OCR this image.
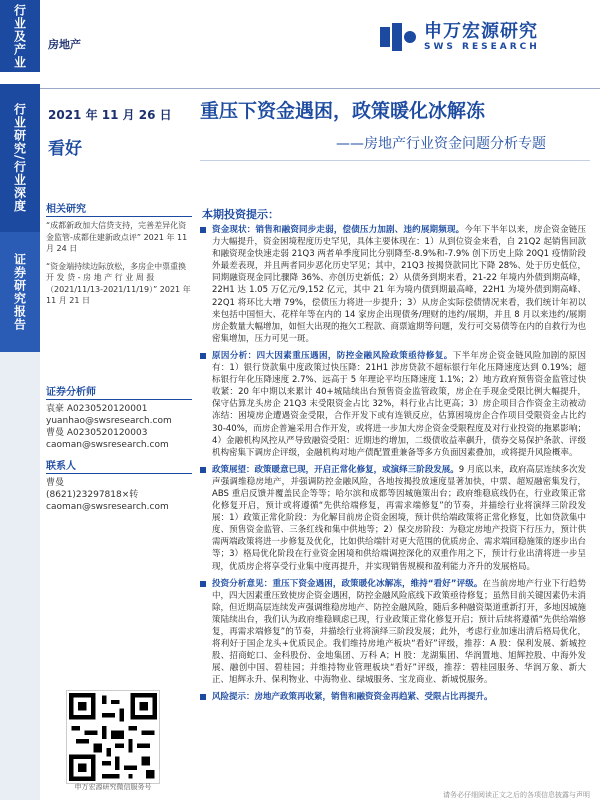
行业及产业
行业研究/行业深度
证券研究报告
房地产
申万宏源研究
SWS RESEARCH
2021 年 11 月 26 日
看好
重压下资金遇困，政策暖化冰解冻
——房地产行业资金问题分析专题
相关研究
“成都新政加大信贷支持，完善差异化资金监管-成都住建新政点评” 2021 年 11 月 24 日
“资金端持续边际放松，多房企中票重换 开 发 贷 - 房 地 产 行 业 周 报 （2021/11/13-2021/11/19）” 2021 年 11 月 21 日
证券分析师
袁豪 A0230520120001
yuanhao@swsresearch.com
曹曼 A0230520120003
caoman@swsresearch.com
联系人
曹曼
(8621)23297818×转
caoman@swsresearch.com
申万宏源研究微信服务号
本期投资提示：

资金现状：销售和融资同步走弱，偿债压力加剧、违约展期频现。今年下半年以来，房企资金链压力大幅提升，资金困境程度历史罕见，具体主要体现在：1）从到位资金来看，自 21Q2 起销售回款和融资现金快速走弱 21Q3 两者单季度同比分别降至-8.9%和-7.9% 创下历史上除 20Q1 疫情阶段外最差表现，并且两者同步恶化历史罕见；其中，21Q3 按揭贷款同比下降 28%、处于历史低位，同期融资现金同比骤降 36%、亦创历史新低；2）从债务到期来看，21-22 年境内外债到期高峰，22H1 达 1.05 万亿元/9,152 亿元，其中 21 年为境内债到期最高峰，22H1 为境外债到期高峰、22Q1 将环比大增 79%，偿债压力将进一步提升；3）从房企实际偿债情况来看，我们统计年初以来包括中国恒大、花样年等在内的 14 家房企出现债务/理财的违约/展期，并且 8 月以来违约/展期房企数量大幅增加，如恒大出现的拖欠工程款、商票逾期等问题，发行可交易债等在内的自救行为也密集增加，压力可见一斑。

原因分析：四大因素重压遇困，防控金融风险政策亟待修复。下半年房企资金链风险加剧的原因有：1）银行贷款集中度政策过快压降：21H1 涉房贷款不超标银行年化压降速度达到 0.19%；超标银行年化压降速度 2.7%、远高于 5 年理论平均压降速度 1.1%；2）地方政府预售资金监管过快收紧：20 年中期以来累计 40+城陆续出台预售资金监管政策，房企在手现金受限比例大幅提升，保守估算龙头房企 21Q3 末受限资金占比 32%，料行业占比更高；3）房企项目合作资金主动被动冻结：困境房企遭遇资金受限，合作开发下或有连锁反应，估算困境房企合作项目受限资金占比约 30-40%，而房企普遍采用合作开发，或将进一步加大房企资金受限程度及对行业投资的拖累影响；4）金融机构风控从严导致融资受阻：近期违约增加，二级债收益率飙升，债券交易保护条款、评级机构密集下调房企评级，金融机构对地产债配置重兼备等多方负面因素叠加，或将提升风险概率。

政策展望：政策暖意已现，开启正常化修复，或演绎三阶段发展。9 月底以来，政府高层连续多次发声强调维稳房地产，并强调防控金融风险，各地按揭投放速度显著加快，中票、超短融密集发行，ABS 重启反馈并覆盖民企等等；哈尔滨和成都等因城施策出台；政府维稳底线仍在，行业政策正常化修复开启，预计或将遵循“先供给端修复，再需求端修复”的节奏，并描绘行业将演绎三阶段发展：1）政策正常化阶段：为化解目前房企资金困境，预计供给端政策将正常化修复，比如贷款集中度、预售资金监管、三条红线和集中供地等；2）保交房阶段：为稳定房地产投资下行压力，预计供需两端政策将进一步修复及优化，比如供给端针对更大范围的优质房企、需求端回稳施策的逐步出台等；3）格局优化阶段在行业资金困境和供给端调控深化的双重作用之下，预计行业出清将进一步呈现，优质房企将享受行业集中度再提升，并实现销售规模和盈利能力齐升的发展格局。

投资分析意见：重压下资金遇困，政策暖化冰解冻，维持“看好”评级。在当前房地产行业下行趋势中，四大因素重压致使房企资金遇困，防控金融风险底线下政策亟待修复；虽然目前关键因素仍未消除，但近期高层连续发声强调维稳房地产、防控金融风险，随后多种融资渠道重新打开，多地因城施策陆续出台，我们认为政府维稳顾虑已现，行业政策正常化修复开启；预计后续将遵循“先供给端修复，再需求端修复”的节奏，并描绘行业将演绎三阶段发展；此外，考虑行业加速出清后格局优化，将利好于国企龙头+优质民企。我们维持房地产板块“看好”评级，推荐：A 股：保利发展、新城控股、招商蛇口、金科股份、金地集团、万科 A；H 股：龙湖集团、华润置地、旭辉控股、中海外发展、融创中国、碧桂园；并维持物业管理板块“看好”评级，推荐：碧桂园服务、华润万象、新大正、旭辉永升、保利物业、中海物业、绿城服务、宝龙商业、新城悦服务。

风险提示：房地产政策再收紧，销售和融资资金再趋紧、受限占比再提升。

请务必仔细阅读正文之后的各项信息披露与声明
